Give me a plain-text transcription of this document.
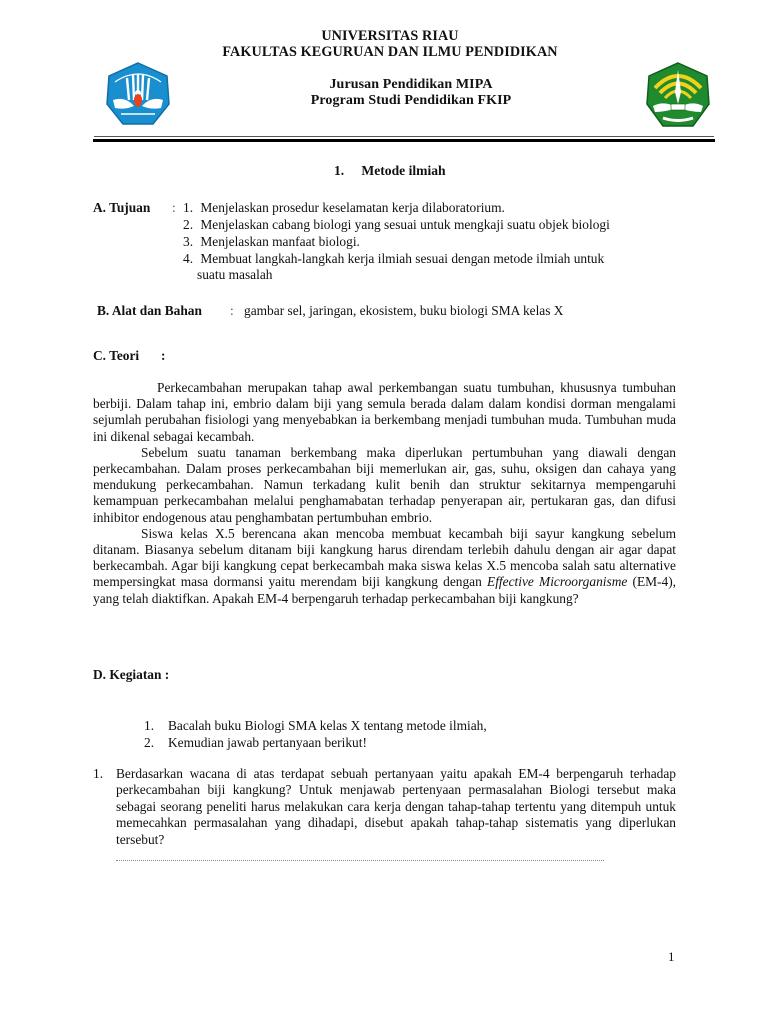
UNIVERSITAS RIAU
FAKULTAS KEGURUAN DAN ILMU PENDIDIKAN
Jurusan Pendidikan MIPA
Program Studi Pendidikan FKIP
1. Metode ilmiah
A. Tujuan : 1. Menjelaskan prosedur keselamatan kerja dilaboratorium.
2. Menjelaskan cabang biologi yang sesuai untuk mengkaji suatu objek biologi
3. Menjelaskan manfaat biologi.
4. Membuat langkah-langkah kerja ilmiah sesuai dengan metode ilmiah untuk
suatu masalah
B. Alat dan Bahan : gambar sel, jaringan, ekosistem, buku biologi SMA kelas X
C. Teori :

Perkecambahan merupakan tahap awal perkembangan suatu tumbuhan, khususnya tumbuhan berbiji. Dalam tahap ini, embrio dalam biji yang semula berada dalam dalam kondisi dorman mengalami sejumlah perubahan fisiologi yang menyebabkan ia berkembang menjadi tumbuhan muda. Tumbuhan muda ini dikenal sebagai kecambah.

Sebelum suatu tanaman berkembang maka diperlukan pertumbuhan yang diawali dengan perkecambahan. Dalam proses perkecambahan biji memerlukan air, gas, suhu, oksigen dan cahaya yang mendukung perkecambahan. Namun terkadang kulit benih dan struktur sekitarnya mempengaruhi kemampuan perkecambahan melalui penghamabatan terhadap penyerapan air, pertukaran gas, dan difusi inhibitor endogenous atau penghambatan pertumbuhan embrio.

Siswa kelas X.5 berencana akan mencoba membuat kecambah biji sayur kangkung sebelum ditanam. Biasanya sebelum ditanam biji kangkung harus direndam terlebih dahulu dengan air agar dapat berkecambah. Agar biji kangkung cepat berkecambah maka siswa kelas X.5 mencoba salah satu alternative mempersingkat masa dormansi yaitu merendam biji kangkung dengan Effective Microorganisme (EM-4), yang telah diaktifkan. Apakah EM-4 berpengaruh terhadap perkecambahan biji kangkung?

D. Kegiatan :
1. Bacalah buku Biologi SMA kelas X tentang metode ilmiah,
2. Kemudian jawab pertanyaan berikut!
1. Berdasarkan wacana di atas terdapat sebuah pertanyaan yaitu apakah EM-4 berpengaruh terhadap perkecambahan biji kangkung? Untuk menjawab pertenyaan permasalahan Biologi tersebut maka sebagai seorang peneliti harus melakukan cara kerja dengan tahap-tahap tertentu yang ditempuh untuk memecahkan permasalahan yang dihadapi, disebut apakah tahap-tahap sistematis yang diperlukan tersebut?
1
